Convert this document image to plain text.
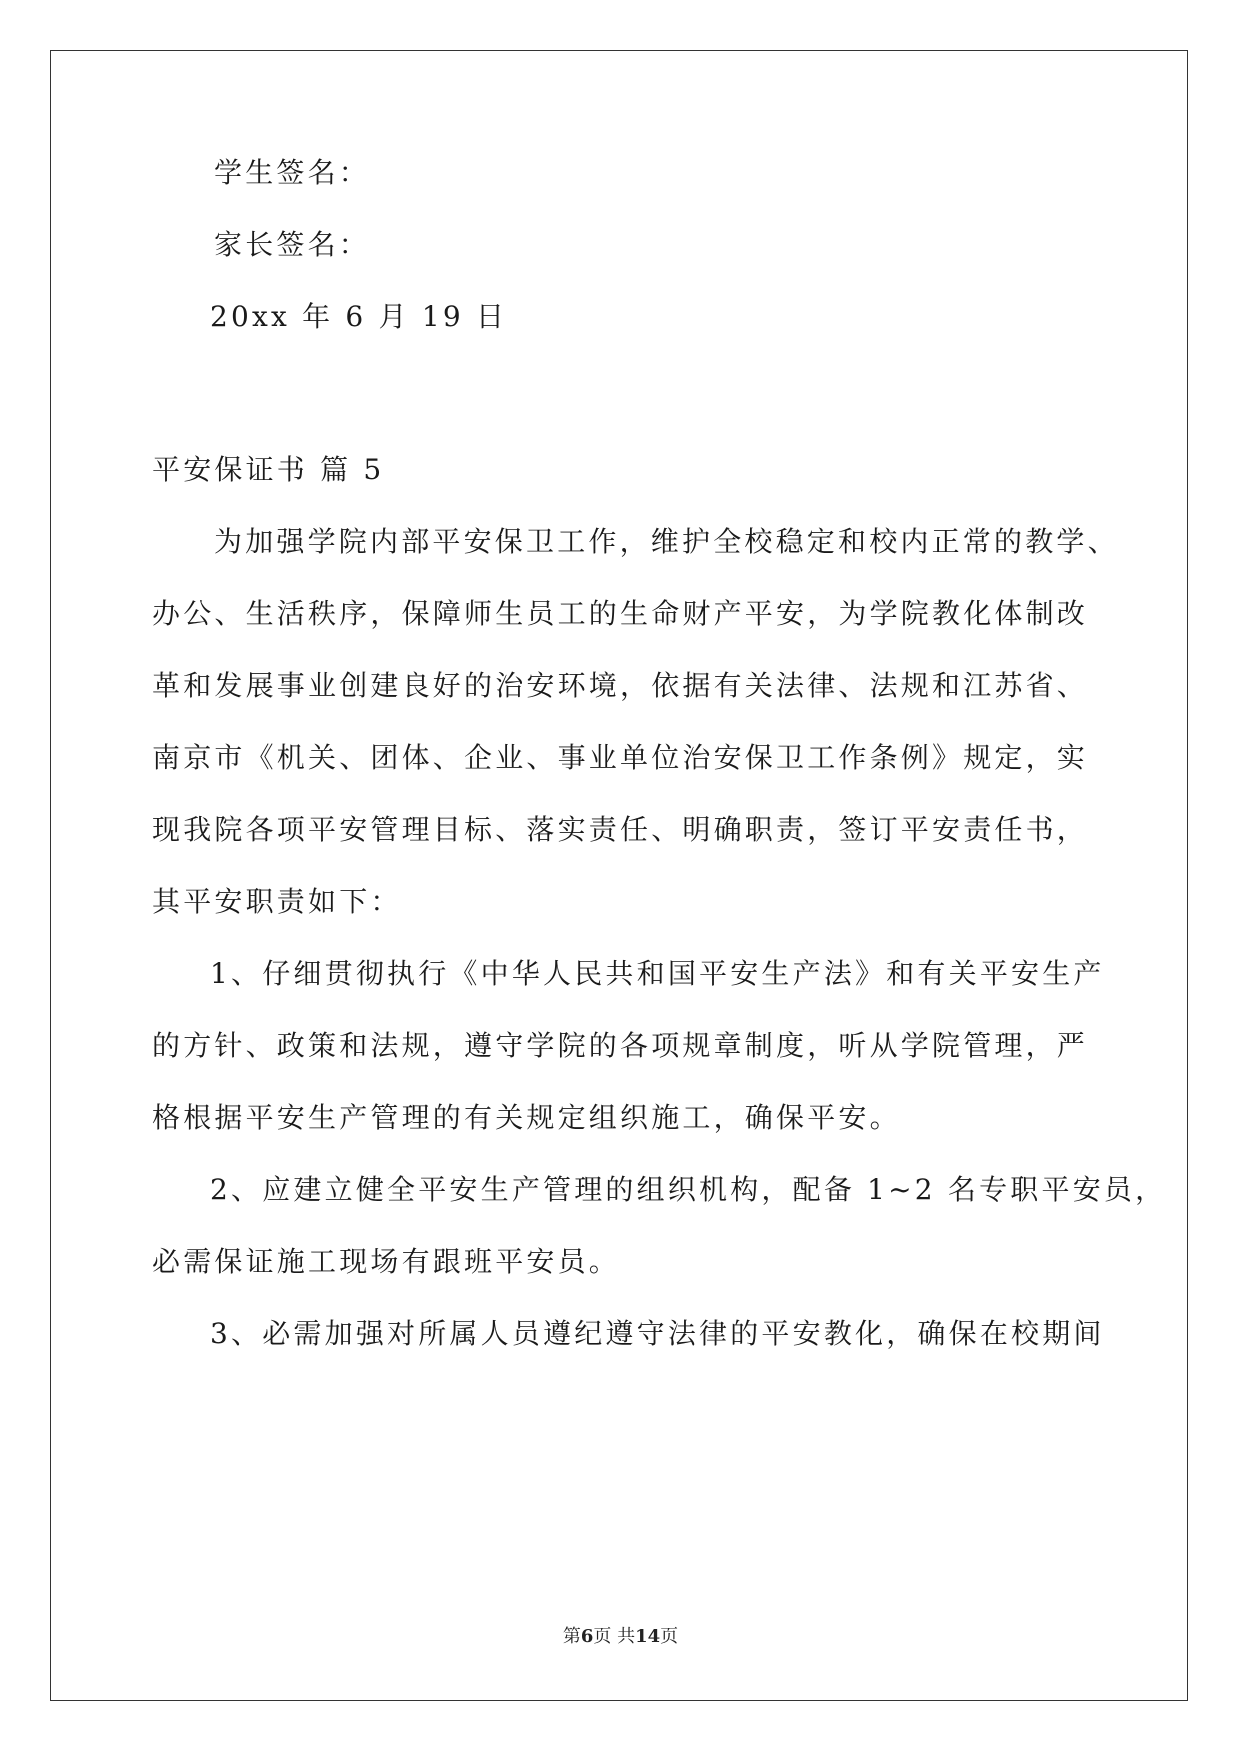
学生签名：
家长签名：
20xx 年 6 月 19 日
平安保证书 篇 5
为加强学院内部平安保卫工作，维护全校稳定和校内正常的教学、
办公、生活秩序，保障师生员工的生命财产平安，为学院教化体制改
革和发展事业创建良好的治安环境，依据有关法律、法规和江苏省、
南京市《机关、团体、企业、事业单位治安保卫工作条例》规定，实
现我院各项平安管理目标、落实责任、明确职责，签订平安责任书，
其平安职责如下：
1、仔细贯彻执行《中华人民共和国平安生产法》和有关平安生产
的方针、政策和法规，遵守学院的各项规章制度，听从学院管理，严
格根据平安生产管理的有关规定组织施工，确保平安。
2、应建立健全平安生产管理的组织机构，配备 1~2 名专职平安员，
必需保证施工现场有跟班平安员。
3、必需加强对所属人员遵纪遵守法律的平安教化，确保在校期间
第6页 共14页
